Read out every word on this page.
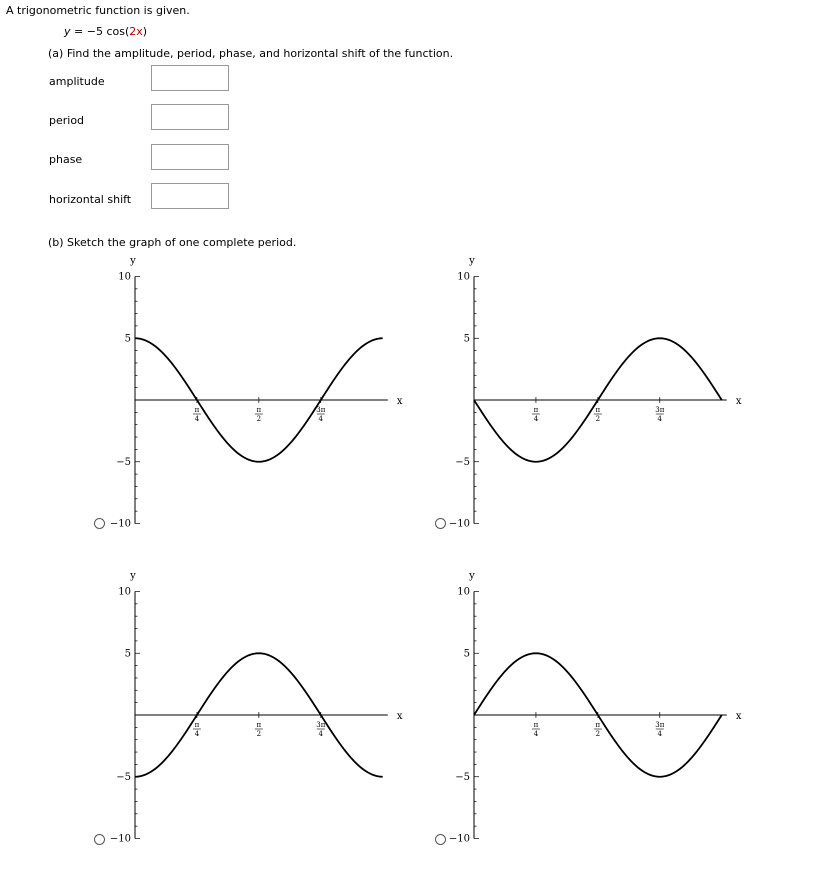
A trigonometric function is given.
y = −5 cos(2x)
(a) Find the amplitude, period, phase, and horizontal shift of the function.
amplitude
period
phase
horizontal shift
(b) Sketch the graph of one complete period.
y
10
5
−5
−10
x
π
4
π
2
3π
4
y
10
5
−5
−10
x
π
4
π
2
3π
4
y
10
5
−5
−10
x
π
4
π
2
3π
4
y
10
5
−5
−10
x
π
4
π
2
3π
4
